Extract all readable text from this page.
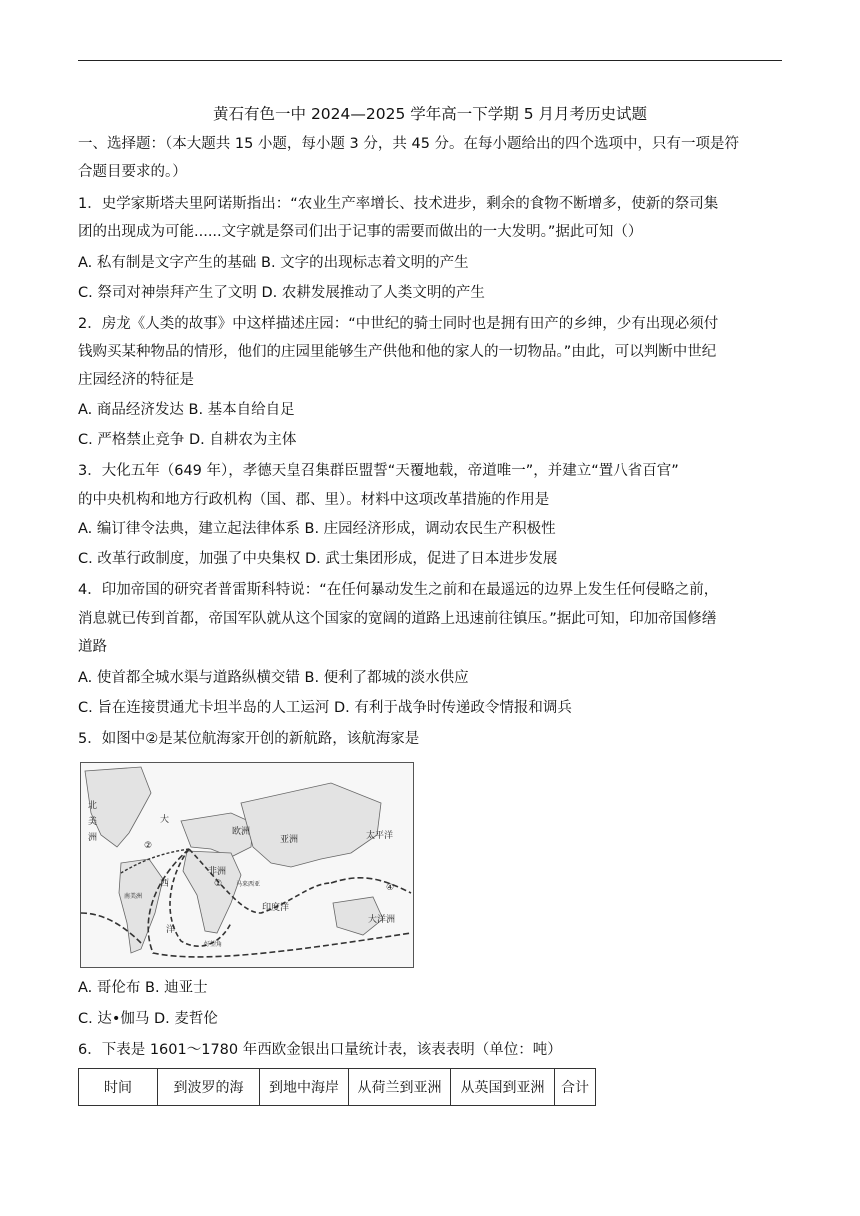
黄石有色一中 2024—2025 学年高一下学期 5 月月考历史试题
一、选择题：（本大题共 15 小题，每小题 3 分，共 45 分。在每小题给出的四个选项中，只有一项是符
合题目要求的。）
1．史学家斯塔夫里阿诺斯指出：“农业生产率增长、技术进步，剩余的食物不断增多，使新的祭司集
团的出现成为可能......文字就是祭司们出于记事的需要而做出的一大发明。”据此可知（）
A. 私有制是文字产生的基础 B. 文字的出现标志着文明的产生
C. 祭司对神崇拜产生了文明 D. 农耕发展推动了人类文明的产生
2．房龙《人类的故事》中这样描述庄园：“中世纪的骑士同时也是拥有田产的乡绅，少有出现必须付
钱购买某种物品的情形，他们的庄园里能够生产供他和他的家人的一切物品。”由此，可以判断中世纪
庄园经济的特征是
A. 商品经济发达 B. 基本自给自足
C. 严格禁止竞争 D. 自耕农为主体
3．大化五年（649 年），孝德天皇召集群臣盟誓“天覆地载，帝道唯一”，并建立“置八省百官”
的中央机构和地方行政机构（国、郡、里）。材料中这项改革措施的作用是
A. 编订律令法典，建立起法律体系 B. 庄园经济形成，调动农民生产积极性
C. 改革行政制度，加强了中央集权 D. 武士集团形成，促进了日本进步发展
4．印加帝国的研究者普雷斯科特说：“在任何暴动发生之前和在最遥远的边界上发生任何侵略之前，
消息就已传到首都，帝国军队就从这个国家的宽阔的道路上迅速前往镇压。”据此可知，印加帝国修缮
道路
A. 使首都全城水渠与道路纵横交错 B. 便利了都城的淡水供应
C. 旨在连接贯通尤卡坦半岛的人工运河 D. 有利于战争时传递政令情报和调兵
5．如图中②是某位航海家开创的新航路，该航海家是
北
美
洲
大
西
洋
南美洲
欧洲
亚洲
非洲
印度洋
太平洋
大洋洲
好望角
马来西亚
①
②
④
A. 哥伦布 B. 迪亚士
C. 达•伽马 D. 麦哲伦
6．下表是 1601～1780 年西欧金银出口量统计表，该表表明（单位：吨）
时间	到波罗的海	到地中海岸	从荷兰到亚洲	从英国到亚洲	合计
